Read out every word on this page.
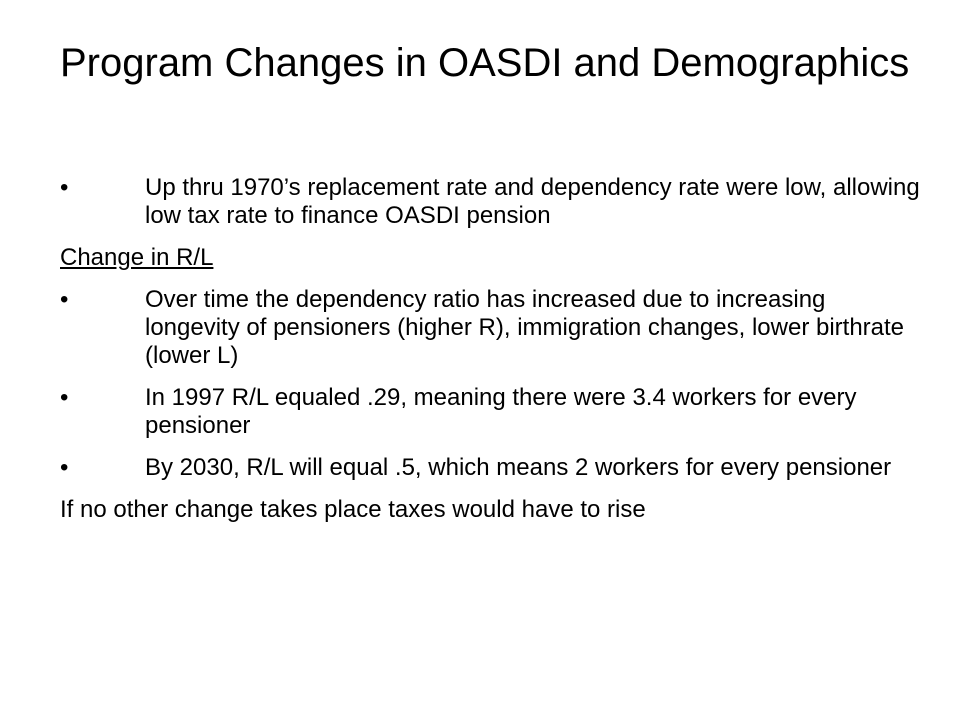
Program Changes in OASDI and Demographics
•	Up thru 1970’s replacement rate and dependency rate were low, allowing low tax rate to finance OASDI pension
Change in R/L
•	Over time the dependency ratio has increased due to increasing longevity of pensioners (higher R), immigration changes, lower birthrate (lower L)
•	In 1997 R/L equaled .29, meaning there were 3.4 workers for every pensioner
•	By 2030, R/L will equal .5, which means 2 workers for every pensioner
If no other change takes place taxes would have to rise
